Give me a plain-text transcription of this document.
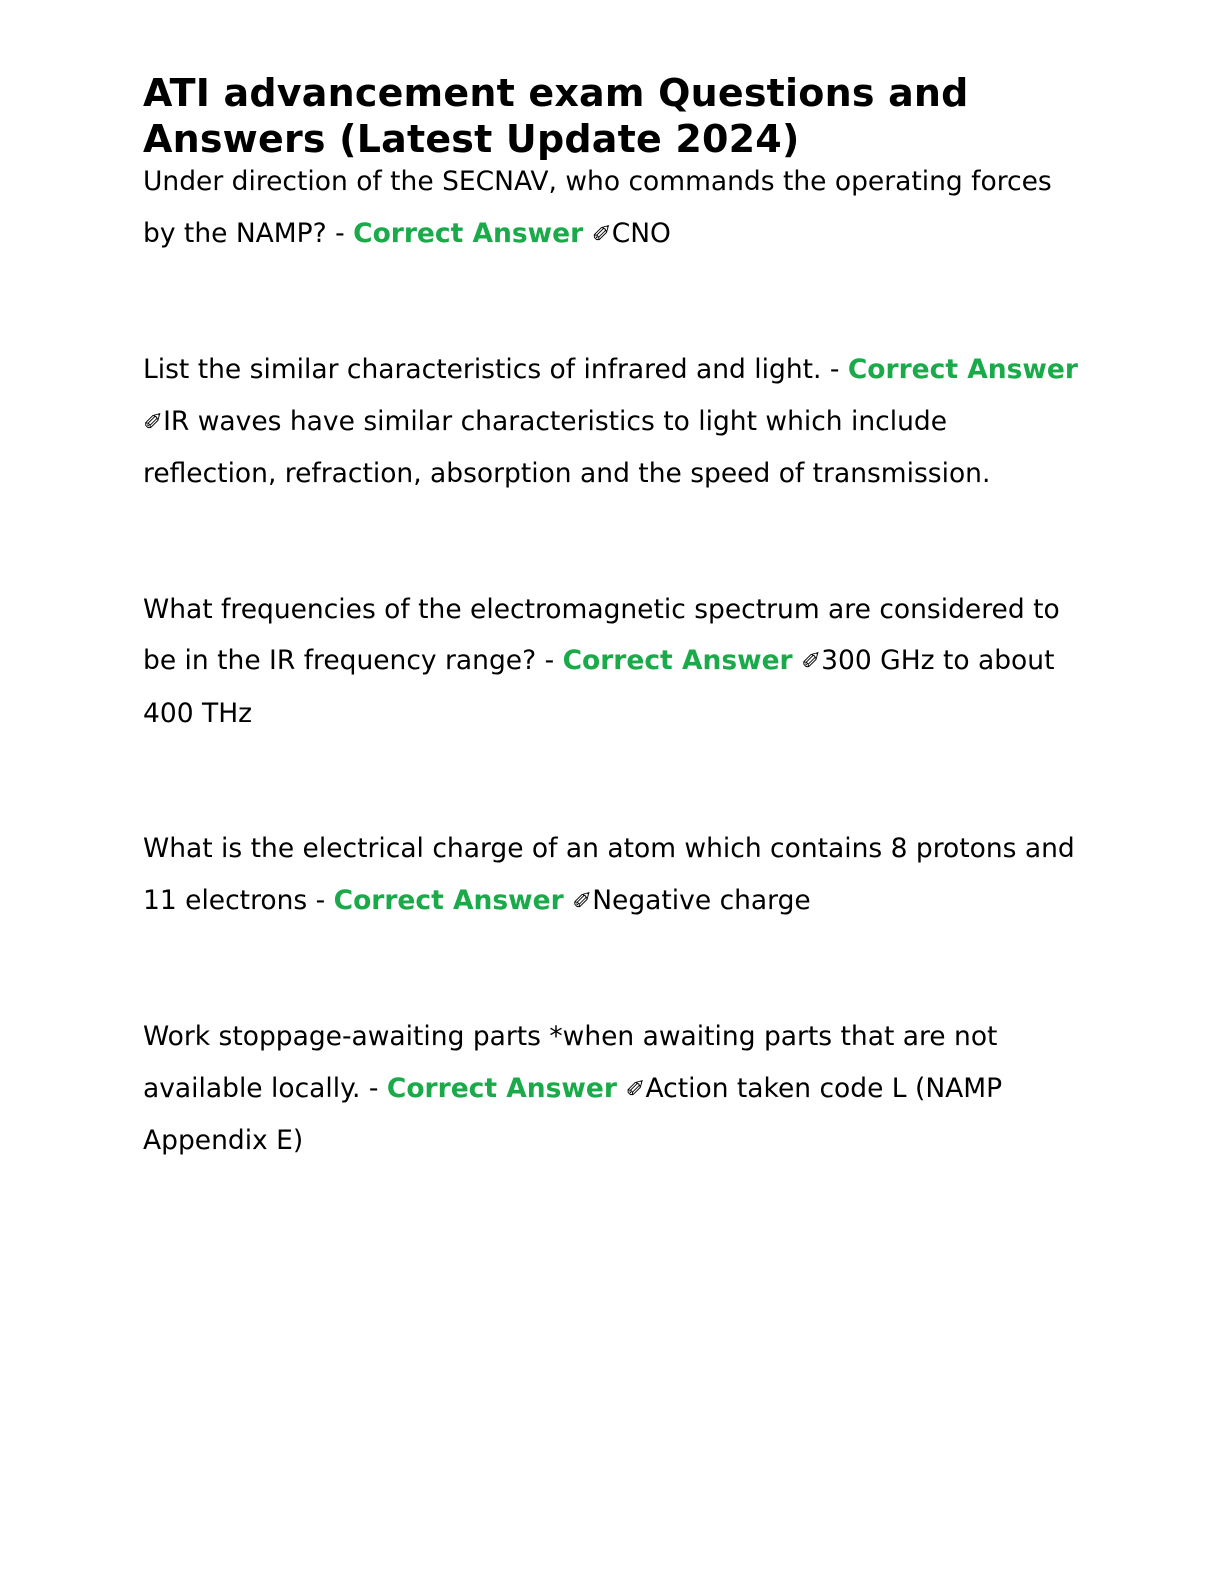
ATI advancement exam Questions and Answers (Latest Update 2024)

Under direction of the SECNAV, who commands the operating forces by the NAMP? - Correct Answer ✐CNO

List the similar characteristics of infrared and light. - Correct Answer ✐IR waves have similar characteristics to light which include reflection, refraction, absorption and the speed of transmission.

What frequencies of the electromagnetic spectrum are considered to be in the IR frequency range? - Correct Answer ✐300 GHz to about 400 THz

What is the electrical charge of an atom which contains 8 protons and 11 electrons - Correct Answer ✐Negative charge

Work stoppage-awaiting parts *when awaiting parts that are not available locally. - Correct Answer ✐Action taken code L (NAMP Appendix E)
